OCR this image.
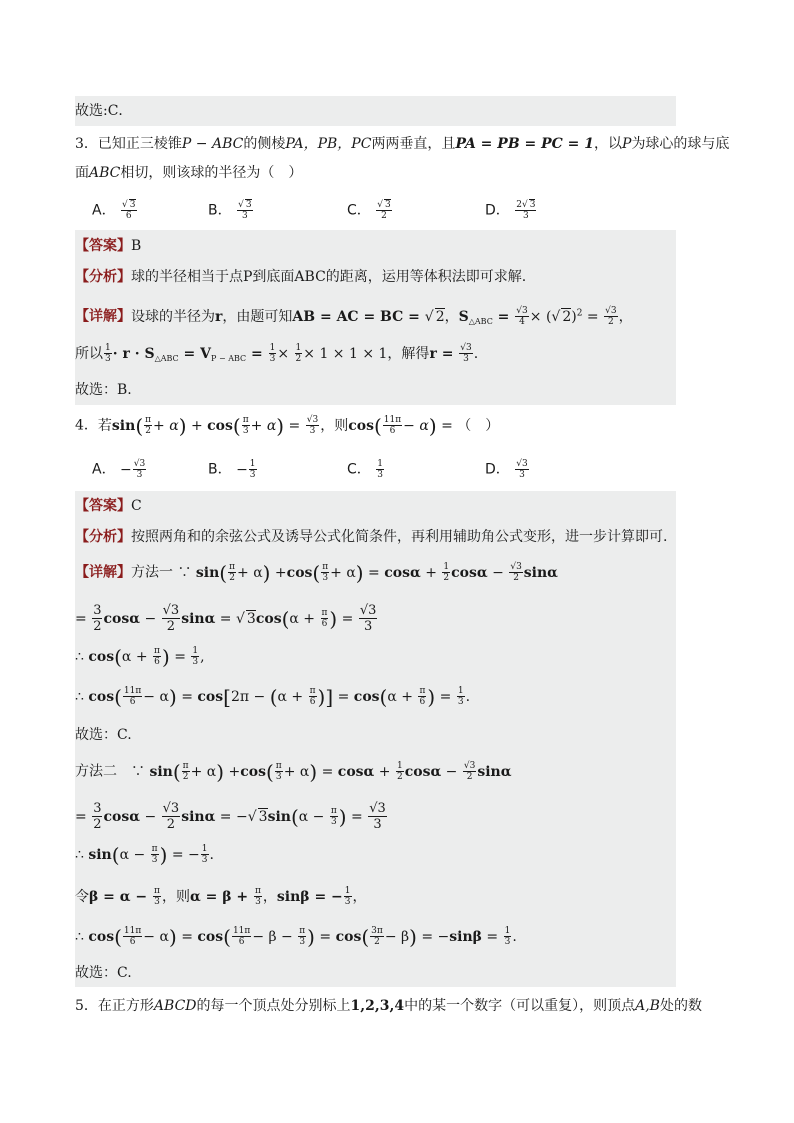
故选:C．
3．已知正三棱锥P − ABC的侧棱PA，PB，PC两两垂直，且PA = PB = PC = 1，以P为球心的球与底
面ABC相切，则该球的半径为（　）
A． $\frac{√ 3}{6}$	B． $\frac{√ 3}{3}$	C． $\frac{√ 3}{2}$	D． $\frac{2√ 3}{3}$
【答案】B
【分析】球的半径相当于点P到底面ABC的距离，运用等体积法即可求解.
【详解】设球的半径为r，由题可知AB = AC = BC = √ 2，$S_{\triangle ABC} = \frac{√3}{4}$ × (√ $2)^2 = \frac{√3}{2}$ ，
所以 $\frac{1}{3} \cdot r \cdot S_{\triangle ABC} = V_{P - ABC} = \frac{1}{3} \times \frac{1}{2} \times 1 \times 1 \times 1$，解得$r = \frac{√3}{3}$ .
故选：B.
4．若$\sin( \frac{\pi}{2} + \alpha) + \cos( \frac{\pi}{3} + \alpha) = \frac{√3}{3}$ ，则$\cos( \frac{11\pi}{6} - \alpha)$ = （　）
A． − $\frac{√3}{3}$	B． − $\frac{1}{3}$	C． $\frac{1}{3}$	D． $\frac{√3}{3}$
【答案】C
【分析】按照两角和的余弦公式及诱导公式化简条件，再利用辅助角公式变形，进一步计算即可.
【详解】方法一 ∵ $\sin( \frac{\pi}{2} + \alpha) +\cos( \frac{\pi}{3} + \alpha) = \cos\alpha + \frac{1}{2}$ $\cos\alpha - \frac{√3}{2}$ sinα
= $\frac{3}{2}$ $\cos\alpha - \frac{√3}{2}$ sinα = √ $3\cos(\alpha + \frac{\pi}{6}$ ) = $\frac{√3}{3}$
∴ $\cos(\alpha + \frac{\pi}{6}$ ) = $\frac{1}{3}$ ,
∴ $\cos( \frac{11\pi}{6} - \alpha) = \cos[2\pi - (\alpha + \frac{\pi}{6}$ )] = $\cos(\alpha + \frac{\pi}{6}$ ) = $\frac{1}{3}$ .
故选：C.
方法二　∵ $\sin( \frac{\pi}{2} + \alpha) +\cos( \frac{\pi}{3} + \alpha) = \cos\alpha + \frac{1}{2}$ $\cos\alpha - \frac{√3}{2}$ sinα
= $\frac{3}{2}$ $\cos\alpha - \frac{√3}{2}$ sinα = −√ $3\sin(\alpha - \frac{\pi}{3}$ ) = $\frac{√3}{3}$
∴ $\sin(\alpha - \frac{\pi}{3}$ ) = − $\frac{1}{3}$ .
令$\beta = \alpha - \frac{\pi}{3}$ ，则$\alpha = \beta + \frac{\pi}{3}$ ，sinβ = − $\frac{1}{3}$ ，
∴ $\cos( \frac{11\pi}{6} - \alpha) = \cos( \frac{11\pi}{6} - \beta - \frac{\pi}{3}$ ) = $\cos( \frac{3\pi}{2} - \beta) = -\sin\beta = \frac{1}{3}$ .
故选：C.
5．在正方形ABCD的每一个顶点处分别标上1,2,3,4中的某一个数字（可以重复），则顶点A,B处的数
